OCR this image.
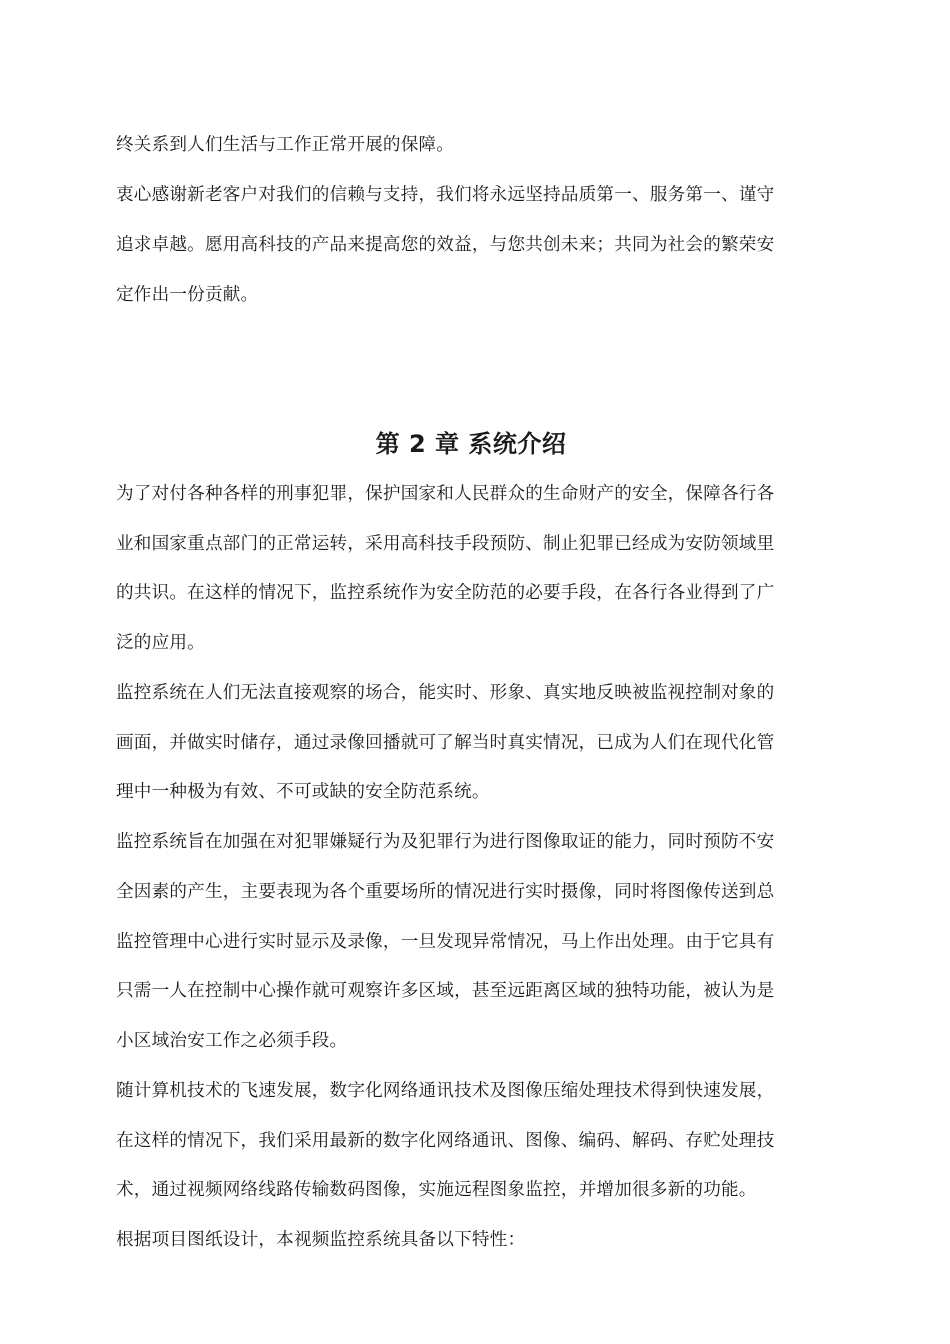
终关系到人们生活与工作正常开展的保障。
衷心感谢新老客户对我们的信赖与支持，我们将永远坚持品质第一、服务第一、谨守
追求卓越。愿用高科技的产品来提高您的效益，与您共创未来；共同为社会的繁荣安
定作出一份贡献。
第 2 章 系统介绍
为了对付各种各样的刑事犯罪，保护国家和人民群众的生命财产的安全，保障各行各
业和国家重点部门的正常运转，采用高科技手段预防、制止犯罪已经成为安防领域里
的共识。在这样的情况下，监控系统作为安全防范的必要手段，在各行各业得到了广
泛的应用。
监控系统在人们无法直接观察的场合，能实时、形象、真实地反映被监视控制对象的
画面，并做实时储存，通过录像回播就可了解当时真实情况，已成为人们在现代化管
理中一种极为有效、不可或缺的安全防范系统。
监控系统旨在加强在对犯罪嫌疑行为及犯罪行为进行图像取证的能力，同时预防不安
全因素的产生，主要表现为各个重要场所的情况进行实时摄像，同时将图像传送到总
监控管理中心进行实时显示及录像，一旦发现异常情况，马上作出处理。由于它具有
只需一人在控制中心操作就可观察许多区域，甚至远距离区域的独特功能，被认为是
小区域治安工作之必须手段。
随计算机技术的飞速发展，数字化网络通讯技术及图像压缩处理技术得到快速发展，
在这样的情况下，我们采用最新的数字化网络通讯、图像、编码、解码、存贮处理技
术，通过视频网络线路传输数码图像，实施远程图象监控，并增加很多新的功能。
根据项目图纸设计，本视频监控系统具备以下特性：
